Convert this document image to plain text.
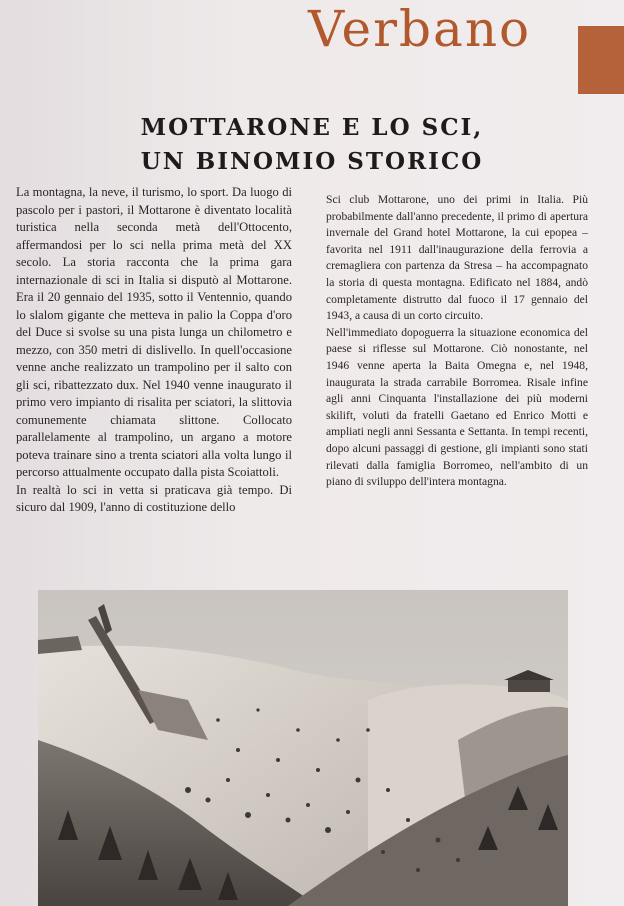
Verbano
MOTTARONE E LO SCI,
UN BINOMIO STORICO

La montagna, la neve, il turismo, lo sport. Da luogo di pascolo per i pastori, il Mottarone è diventato località turistica nella seconda metà dell'Ottocento, affermandosi per lo sci nella prima metà del XX secolo. La storia racconta che la prima gara internazionale di sci in Italia si disputò al Mottarone. Era il 20 gennaio del 1935, sotto il Ventennio, quando lo slalom gigante che metteva in palio la Coppa d'oro del Duce si svolse su una pista lunga un chilometro e mezzo, con 350 metri di dislivello. In quell'occasione venne anche realizzato un trampolino per il salto con gli sci, ribattezzato dux. Nel 1940 venne inaugurato il primo vero impianto di risalita per sciatori, la slittovia comunemente chiamata slittone. Collocato parallelamente al trampolino, un argano a motore poteva trainare sino a trenta sciatori alla volta lungo il percorso attualmente occupato dalla pista Scoiattoli.

In realtà lo sci in vetta si praticava già tempo. Di sicuro dal 1909, l'anno di costituzione dello

Sci club Mottarone, uno dei primi in Italia. Più probabilmente dall'anno precedente, il primo di apertura invernale del Grand hotel Mottarone, la cui epopea – favorita nel 1911 dall'inaugurazione della ferrovia a cremagliera con partenza da Stresa – ha accompagnato la storia di questa montagna. Edificato nel 1884, andò completamente distrutto dal fuoco il 17 gennaio del 1943, a causa di un corto circuito.

Nell'immediato dopoguerra la situazione economica del paese si riflesse sul Mottarone. Ciò nonostante, nel 1946 venne aperta la Baita Omegna e, nel 1948, inaugurata la strada carrabile Borromea. Risale infine agli anni Cinquanta l'installazione dei più moderni skilift, voluti da fratelli Gaetano ed Enrico Motti e ampliati negli anni Sessanta e Settanta. In tempi recenti, dopo alcuni passaggi di gestione, gli impianti sono stati rilevati dalla famiglia Borromeo, nell'ambito di un piano di sviluppo dell'intera montagna.
